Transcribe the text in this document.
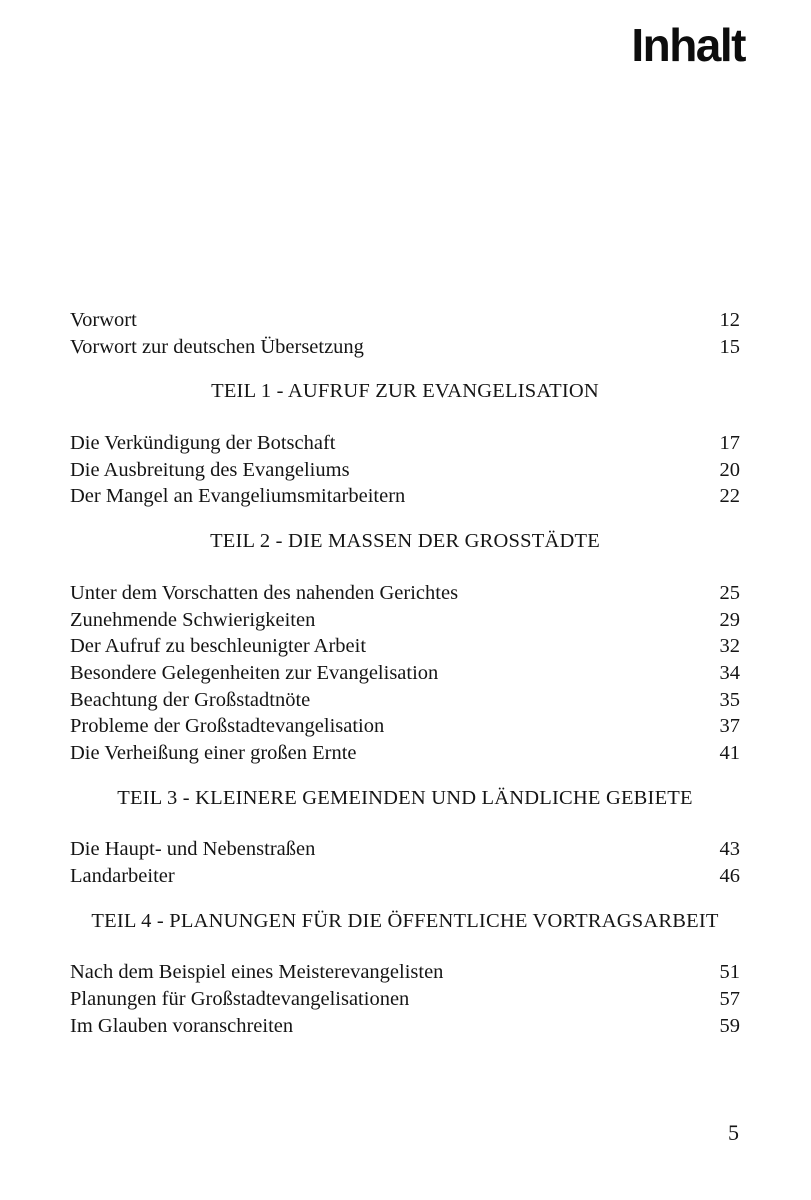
Inhalt
Vorwort	12
Vorwort zur deutschen Übersetzung	15
TEIL 1 - AUFRUF ZUR EVANGELISATION
Die Verkündigung der Botschaft	17
Die Ausbreitung des Evangeliums	20
Der Mangel an Evangeliumsmitarbeitern	22
TEIL 2 - DIE MASSEN DER GROSSTÄDTE
Unter dem Vorschatten des nahenden Gerichtes	25
Zunehmende Schwierigkeiten	29
Der Aufruf zu beschleunigter Arbeit	32
Besondere Gelegenheiten zur Evangelisation	34
Beachtung der Großstadtnöte	35
Probleme der Großstadtevangelisation	37
Die Verheißung einer großen Ernte	41
TEIL 3 - KLEINERE GEMEINDEN UND LÄNDLICHE GEBIETE
Die Haupt- und Nebenstraßen	43
Landarbeiter	46
TEIL 4 - PLANUNGEN FÜR DIE ÖFFENTLICHE VORTRAGSARBEIT
Nach dem Beispiel eines Meisterevangelisten	51
Planungen für Großstadtevangelisationen	57
Im Glauben voranschreiten	59
5
